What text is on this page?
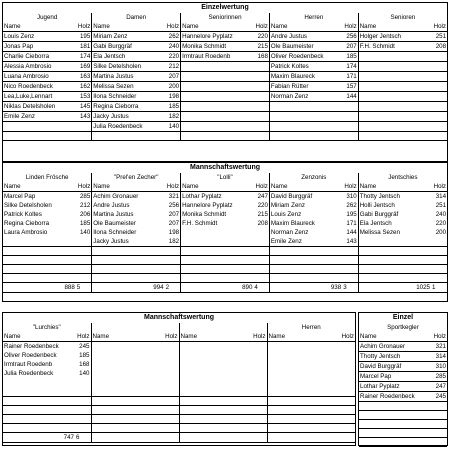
Einzelwertung
Jugend		Damen		Seniorinnen		Herren		Senioren	
Name	Holz	Name	Holz	Name	Holz	Name	Holz	Name	Holz
Louis Zenz	195	Miriam Zenz	262	Hannelore Pyplatz	220	Andre Justus	256	Holger Jentsch	251
Jonas Pap	181	Gabi Burggräf	240	Monika Schmidt	215	Ole Baumeister	207	F.H. Schmidt	208
Charlie Cieborra	174	Ela Jentsch	220	Irmtraut Roedenb	168	Oliver Roedenbeck	185		
Alessia Ambrosio	169	Silke Detelsholen	212			Patrick Koltes	174		
Luana Ambrosio	163	Martina Justus	207			Maxim Blaureck	171		
Nico Roedenbeck	162	Melissa Sezen	200			Fabian Rütter	157		
Lea,Luke,Lennart	153	Ilona Schneider	198			Norman Zenz	144		
Niklas Detelsholen	145	Regina Cieborra	185						
Emile Zenz	143	Jacky Justus	182						
		Julia Roedenbeck	140						

Mannschaftswertung
Linden Frösche		"Prel'en Zecher"		"Lolli"		Zenzonis		Jentschies	
Name	Holz	Name	Holz	Name	Holz	Name	Holz	Name	Holz
Marcel Pap	285	Achim Gronauer	321	Lothar Pyplatz	247	David Burggräf	310	Thotty Jentsch	314
Silke Detelsholen	212	Andre Justus	256	Hannelore Pyplatz	220	Miriam Zenz	262	Holli Jentsch	251
Patrick Koltes	206	Martina Justus	207	Monika Schmidt	215	Louis Zenz	195	Gabi Burggräf	240
Regina Cieborra	185	Ole Baumeister	207	F.H. Schmidt	208	Maxim Blaureck	171	Ela Jentsch	220
Laura Ambrosio	140	Ilona Schneider	198			Norman Zenz	144	Melissa Sezen	200
		Jacky Justus	182			Emile Zenz	143		

888	5	994	2	890	4	938	3	1025	1
Mannschaftswertung
"Lurchies"						Herren	
Name	Holz	Name	Holz	Name	Holz	Name	Holz
Rainer Roedenbeck	245						
Oliver Roedenbeck	185						
Irmtraut Roedenb	168						
Julia Roedenbeck	140						

747	6						
Einzel
Sportkegler	
Name	Holz
Achim Gronauer	321
Thotty Jentsch	314
David Burggräf	310
Marcel Pap	285
Lothar Pyplatz	247
Rainer Roedenbeck	245
